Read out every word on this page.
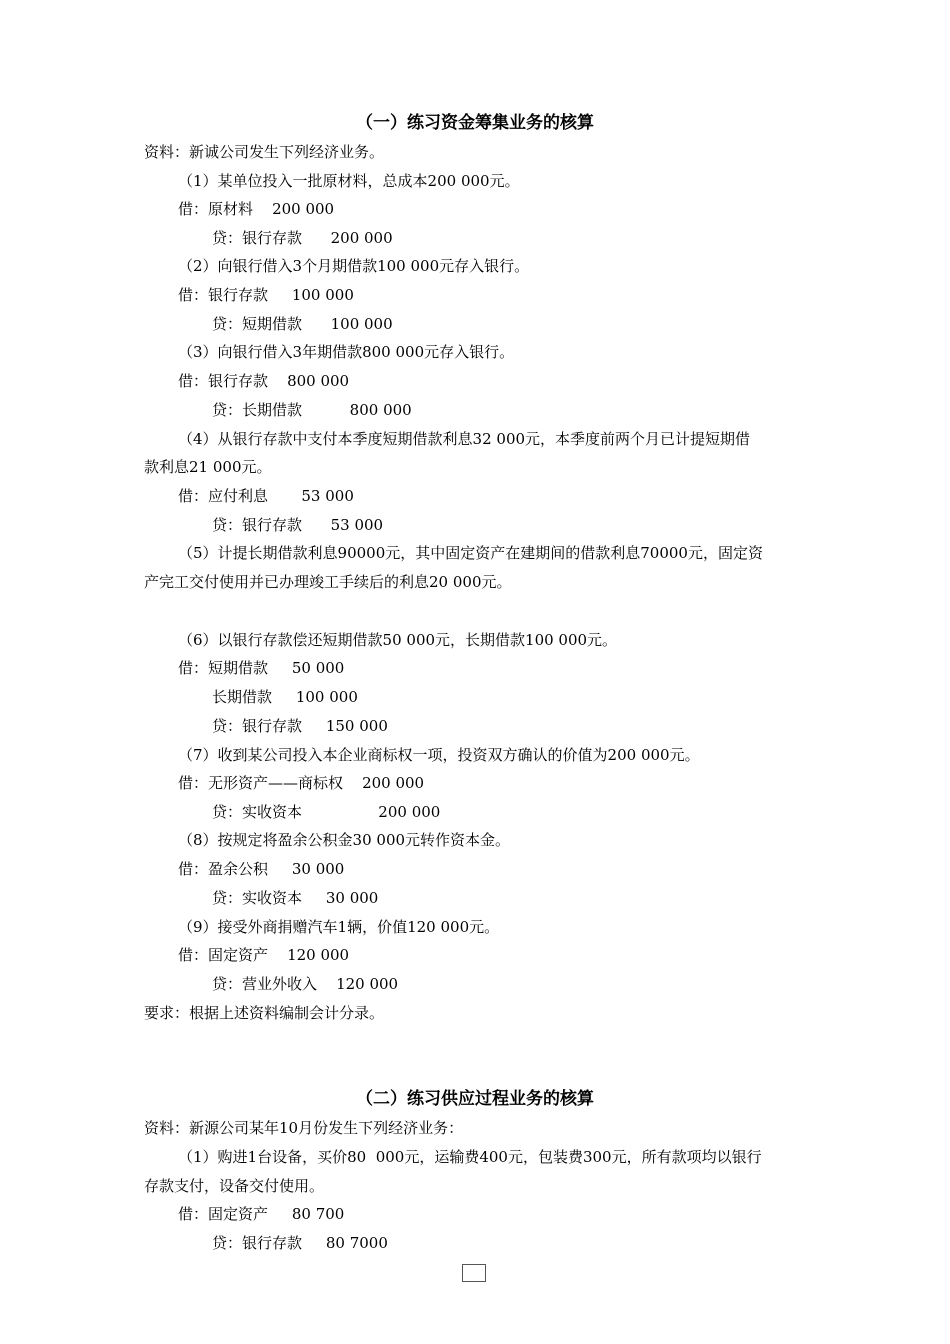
（一）练习资金筹集业务的核算
资料：新诚公司发生下列经济业务。
（1）某单位投入一批原材料，总成本200 000元。
借：原材料    200 000
贷：银行存款      200 000
（2）向银行借入3个月期借款100 000元存入银行。
借：银行存款     100 000
贷：短期借款      100 000
（3）向银行借入3年期借款800 000元存入银行。
借：银行存款    800 000
贷：长期借款          800 000
（4）从银行存款中支付本季度短期借款利息32 000元，本季度前两个月已计提短期借
款利息21 000元。
借：应付利息       53 000
贷：银行存款      53 000
（5）计提长期借款利息90000元，其中固定资产在建期间的借款利息70000元，固定资
产完工交付使用并已办理竣工手续后的利息20 000元。
（6）以银行存款偿还短期借款50 000元，长期借款100 000元。
借：短期借款     50 000
长期借款     100 000
贷：银行存款     150 000
（7）收到某公司投入本企业商标权一项，投资双方确认的价值为200 000元。
借：无形资产——商标权    200 000
贷：实收资本                200 000
（8）按规定将盈余公积金30 000元转作资本金。
借：盈余公积     30 000
贷：实收资本     30 000
（9）接受外商捐赠汽车1辆，价值120 000元。
借：固定资产    120 000
贷：营业外收入    120 000
要求：根据上述资料编制会计分录。
（二）练习供应过程业务的核算
资料：新源公司某年10月份发生下列经济业务：
（1）购进1台设备，买价80  000元，运输费400元，包装费300元，所有款项均以银行
存款支付，设备交付使用。
借：固定资产     80 700
贷：银行存款     80 7000
